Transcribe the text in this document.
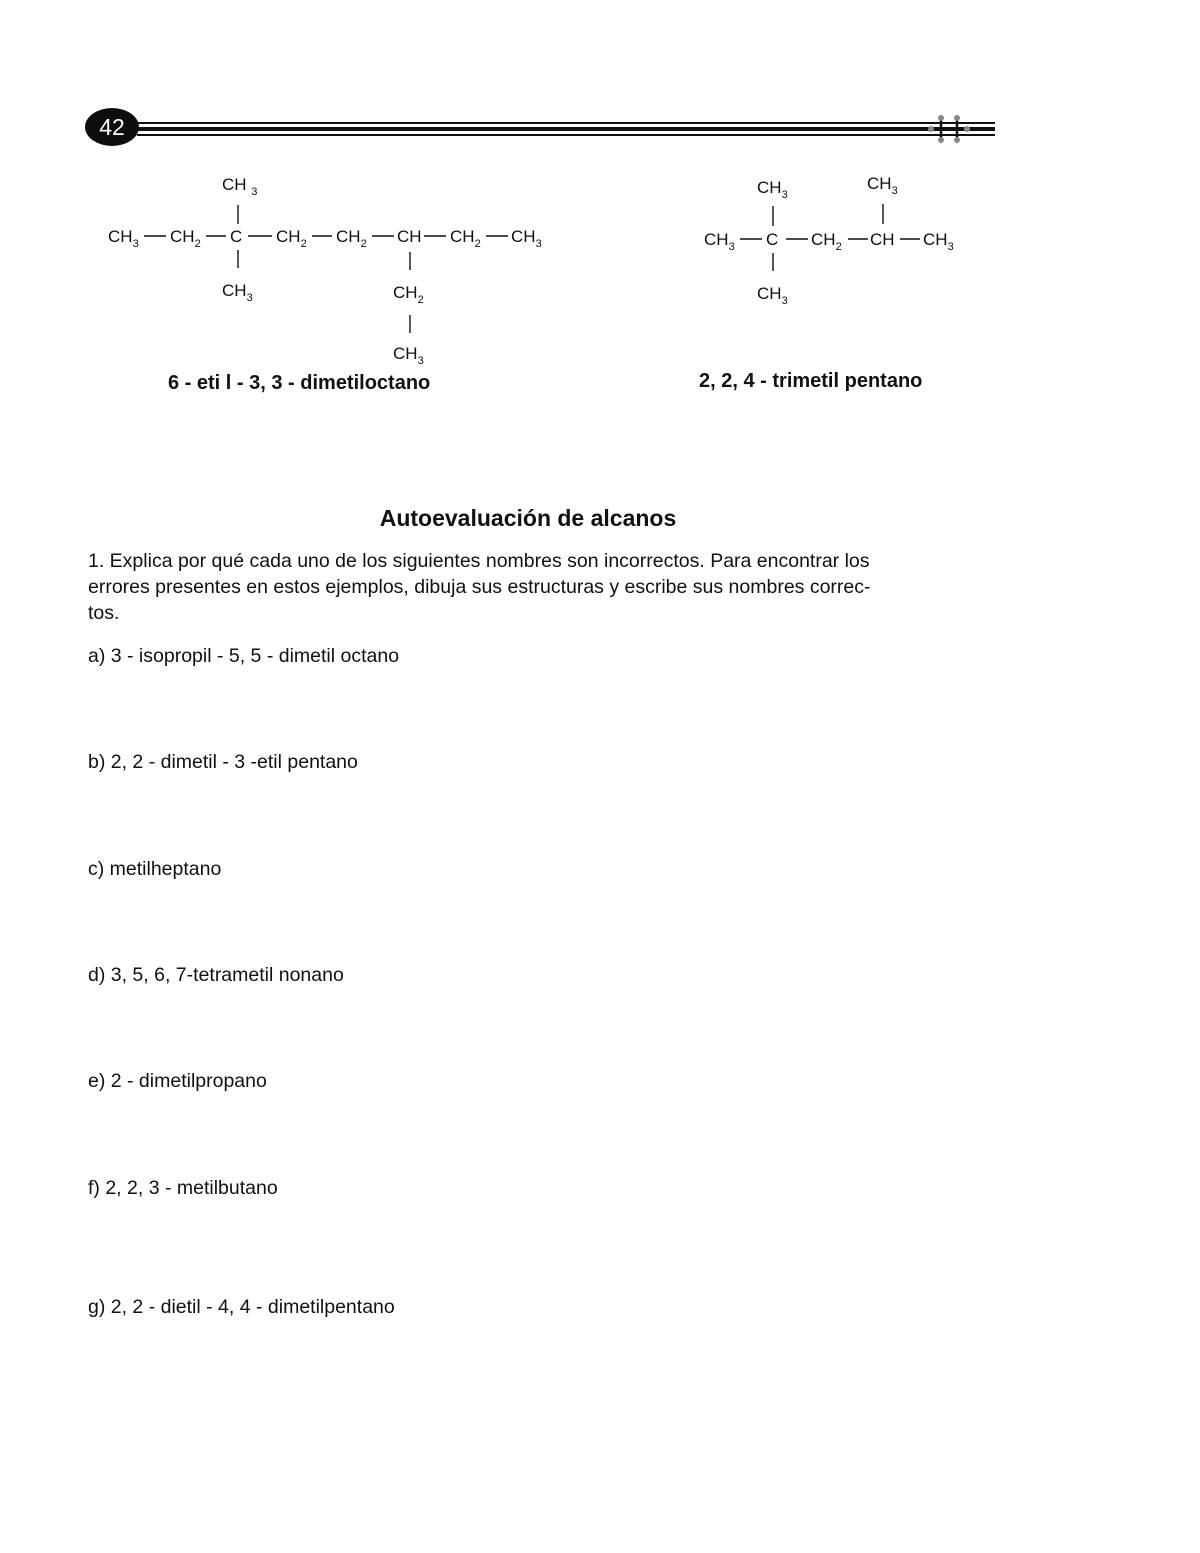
42
CH $_3$
$CH_3$ $CH_2$ C $CH_2$ $CH_2$ CH $CH_2$ $CH_3$
$CH_3$	$CH_2$
$CH_3$
$CH_3$
$CH_3$
$CH_3$ C $CH_2$ CH $CH_3$
$CH_3$
6 - eti l - 3, 3 - dimetiloctano	2, 2, 4 - trimetil pentano
Autoevaluación de alcanos
1. Explica por qué cada uno de los siguientes nombres son incorrectos. Para encontrar los
errores presentes en estos ejemplos, dibuja sus estructuras y escribe sus nombres correc-
tos.
a) 3 - isopropil - 5, 5 - dimetil octano
b) 2, 2 - dimetil - 3 -etil pentano
c) metilheptano
d) 3, 5, 6, 7-tetrametil nonano
e) 2 - dimetilpropano
f) 2, 2, 3 - metilbutano
g) 2, 2 - dietil - 4, 4 - dimetilpentano
